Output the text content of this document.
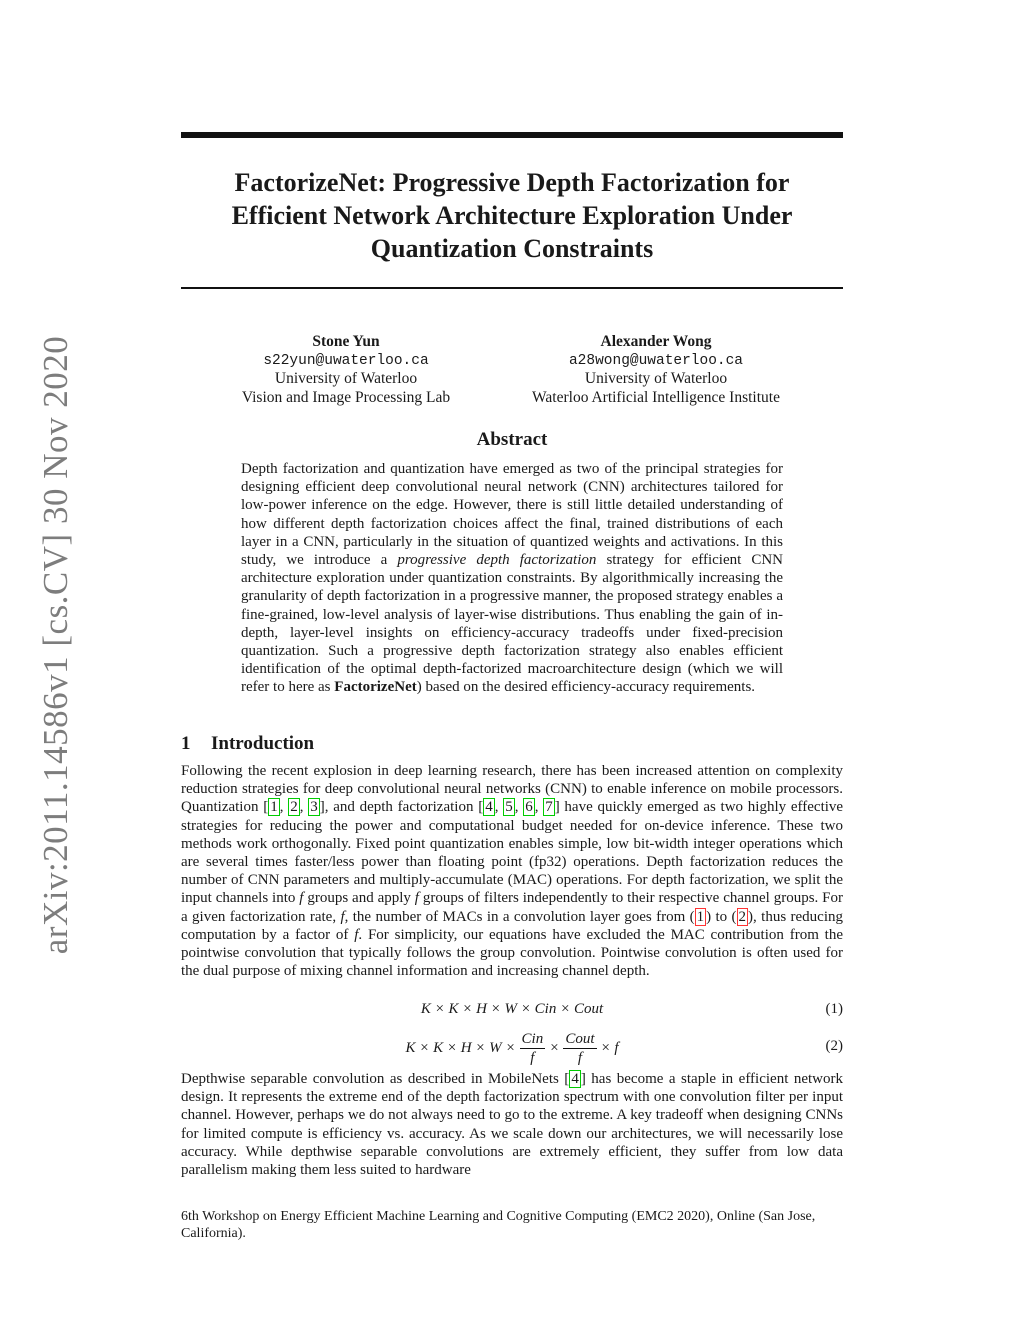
FactorizeNet: Progressive Depth Factorization for
Efficient Network Architecture Exploration Under
Quantization Constraints
Stone Yun
s22yun@uwaterloo.ca
University of Waterloo
Vision and Image Processing Lab
Alexander Wong
a28wong@uwaterloo.ca
University of Waterloo
Waterloo Artificial Intelligence Institute
Abstract

Depth factorization and quantization have emerged as two of the principal strategies for designing efficient deep convolutional neural network (CNN) architectures tailored for low-power inference on the edge. However, there is still little detailed understanding of how different depth factorization choices affect the final, trained distributions of each layer in a CNN, particularly in the situation of quantized weights and activations. In this study, we introduce a progressive depth factorization strategy for efficient CNN architecture exploration under quantization constraints. By algorithmically increasing the granularity of depth factorization in a progressive manner, the proposed strategy enables a fine-grained, low-level analysis of layer-wise distributions. Thus enabling the gain of in-depth, layer-level insights on efficiency-accuracy tradeoffs under fixed-precision quantization. Such a progressive depth factorization strategy also enables efficient identification of the optimal depth-factorized macroarchitecture design (which we will refer to here as FactorizeNet) based on the desired efficiency-accuracy requirements.

1 Introduction

Following the recent explosion in deep learning research, there has been increased attention on complexity reduction strategies for deep convolutional neural networks (CNN) to enable inference on mobile processors. Quantization [ 1 , 2 , 3 ], and depth factorization [ 4 , 5 , 6 , 7 ] have quickly emerged as two highly effective strategies for reducing the power and computational budget needed for on-device inference. These two methods work orthogonally. Fixed point quantization enables simple, low bit-width integer operations which are several times faster/less power than floating point (fp32) operations. Depth factorization reduces the number of CNN parameters and multiply-accumulate (MAC) operations. For depth factorization, we split the input channels into f groups and apply f groups of filters independently to their respective channel groups. For a given factorization rate, f, the number of MACs in a convolution layer goes from ( 1 ) to ( 2 ), thus reducing computation by a factor of f. For simplicity, our equations have excluded the MAC contribution from the pointwise convolution that typically follows the group convolution. Pointwise convolution is often used for the dual purpose of mixing channel information and increasing channel depth.

K × K × H × W × Cin × Cout	(1)
$K \times K \times H \times W \times \frac{\text{Cin}}{f} \times \frac{\text{Cout}}{f} \times f$	(2)

Depthwise separable convolution as described in MobileNets [ 4 ] has become a staple in efficient network design. It represents the extreme end of the depth factorization spectrum with one convolution filter per input channel. However, perhaps we do not always need to go to the extreme. A key tradeoff when designing CNNs for limited compute is efficiency vs. accuracy. As we scale down our architectures, we will necessarily lose accuracy. While depthwise separable convolutions are extremely efficient, they suffer from low data parallelism making them less suited to hardware

6th Workshop on Energy Efficient Machine Learning and Cognitive Computing (EMC2 2020), Online (San Jose, California).

arXiv:2011.14586v1 [cs.CV] 30 Nov 2020
